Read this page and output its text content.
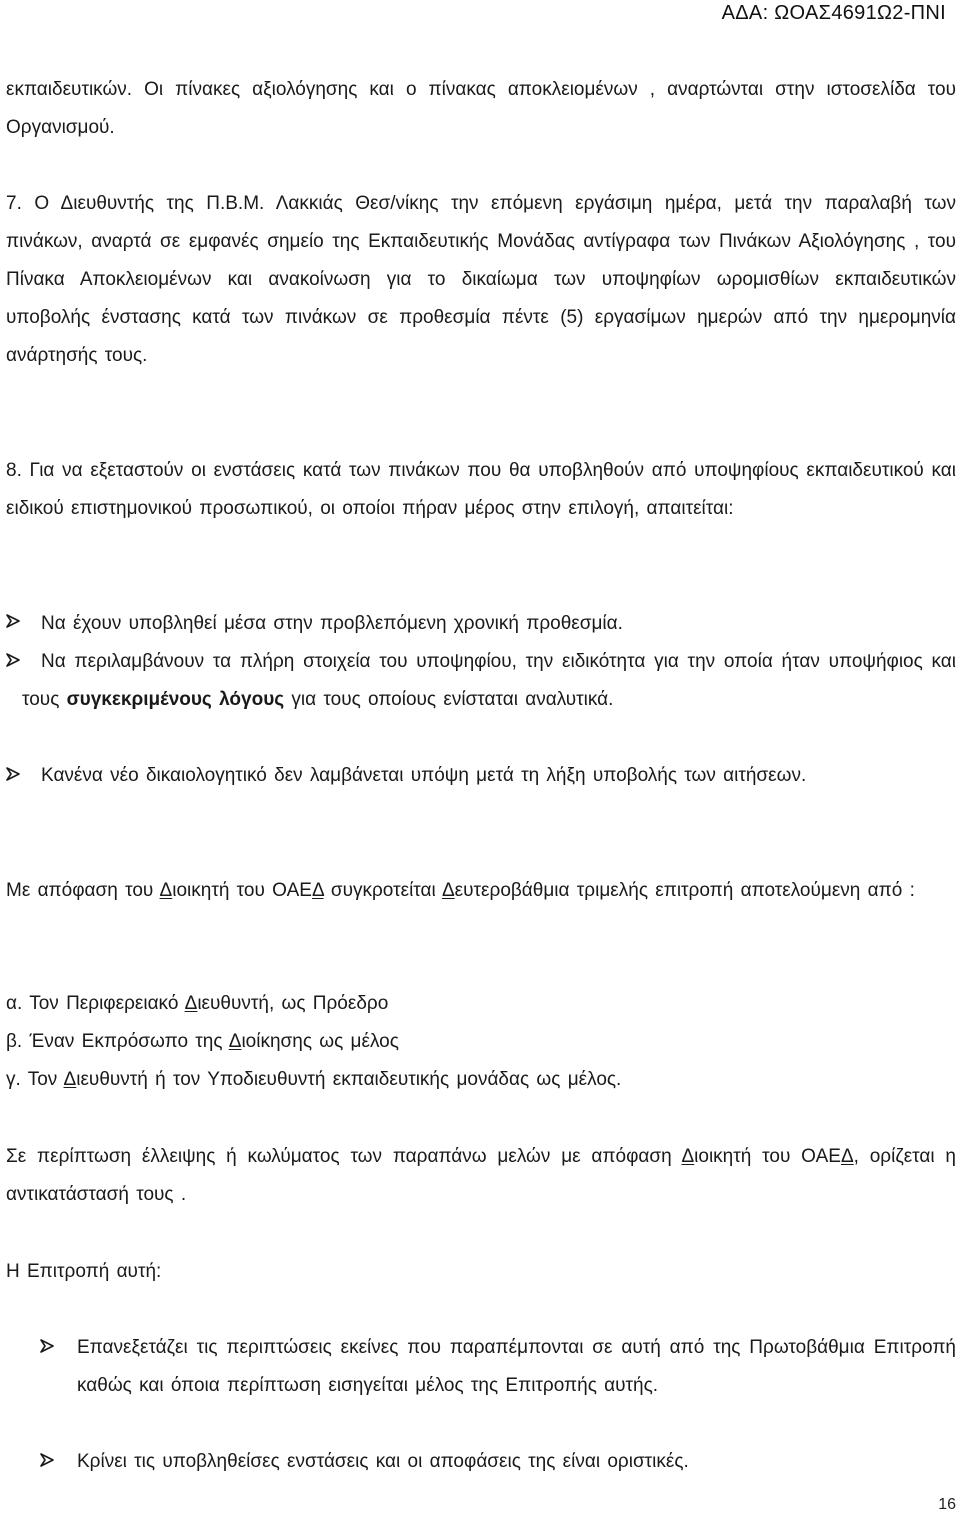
ΑΔΑ: ΩΟΑΣ4691Ω2-ΠΝΙ

εκπαιδευτικών. Οι πίνακες αξιολόγησης και ο πίνακας αποκλειομένων , αναρτώνται στην ιστοσελίδα του Οργανισμού.

7. Ο Διευθυντής της Π.Β.Μ. Λακκιάς Θεσ/νίκης την επόμενη εργάσιμη ημέρα, μετά την παραλαβή των πινάκων, αναρτά σε εμφανές σημείο της Εκπαιδευτικής Μονάδας αντίγραφα των Πινάκων Αξιολόγησης , του Πίνακα Αποκλειομένων και ανακοίνωση για το δικαίωμα των υποψηφίων ωρομισθίων εκπαιδευτικών υποβολής ένστασης κατά των πινάκων σε προθεσμία πέντε (5) εργασίμων ημερών από την ημερομηνία ανάρτησής τους.

8. Για να εξεταστούν οι ενστάσεις κατά των πινάκων που θα υποβληθούν από υποψηφίους εκπαιδευτικού και ειδικού επιστημονικού προσωπικού, οι οποίοι πήραν μέρος στην επιλογή, απαιτείται:

Να έχουν υποβληθεί μέσα στην προβλεπόμενη χρονική προθεσμία.

Να περιλαμβάνουν τα πλήρη στοιχεία του υποψηφίου, την ειδικότητα για την οποία ήταν υποψήφιος και τους συγκεκριμένους λόγους για τους οποίους ενίσταται αναλυτικά.

Κανένα νέο δικαιολογητικό δεν λαμβάνεται υπόψη μετά τη λήξη υποβολής των αιτήσεων.

Με απόφαση του Διοικητή του ΟΑΕΔ συγκροτείται Δευτεροβάθμια τριμελής επιτροπή αποτελούμενη από :

α. Τον Περιφερειακό Διευθυντή, ως Πρόεδρο

β. Έναν Εκπρόσωπο της Διοίκησης ως μέλος

γ. Τον Διευθυντή ή τον Υποδιευθυντή εκπαιδευτικής μονάδας ως μέλος.

Σε περίπτωση έλλειψης ή κωλύματος των παραπάνω μελών με απόφαση Διοικητή του ΟΑΕΔ, ορίζεται η αντικατάστασή τους .

Η Επιτροπή αυτή:

Επανεξετάζει τις περιπτώσεις εκείνες που παραπέμπονται σε αυτή από της Πρωτοβάθμια Επιτροπή καθώς και όποια περίπτωση εισηγείται μέλος της Επιτροπής αυτής.

Κρίνει τις υποβληθείσες ενστάσεις και οι αποφάσεις της είναι οριστικές.

16
